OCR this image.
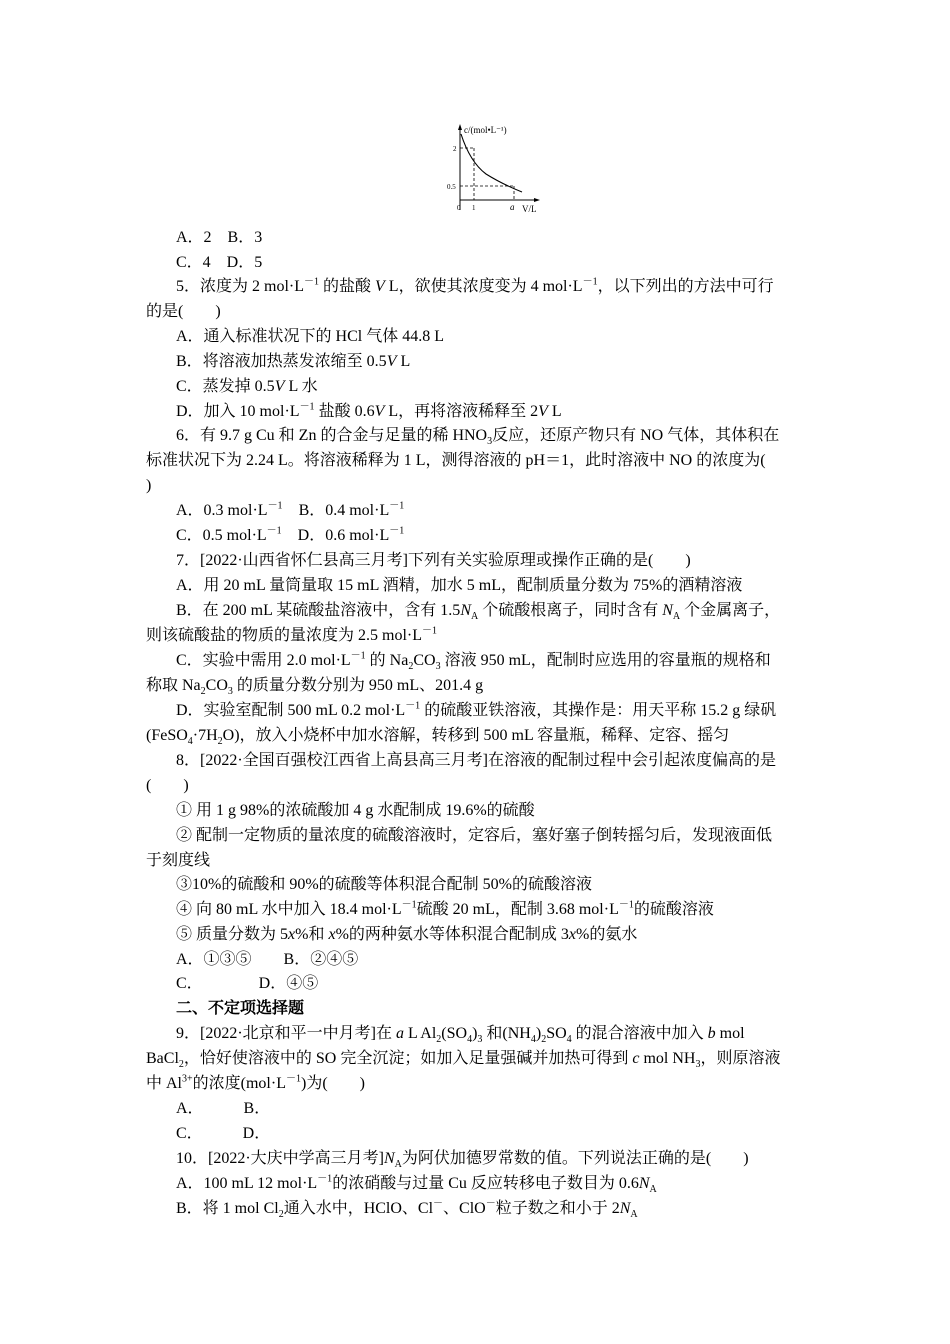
c/(mol•L⁻¹)
2
0.5
0 1	a V/L
A．2　B．3
C．4　D．5
5．浓度为 2 $mol\cdot L^{-1}$ 的盐酸 V L，欲使其浓度变为 4 $mol\cdot L^{-1}$，以下列出的方法中可行
的是(　　)
A．通入标准状况下的 HCl 气体 44.8 L
B．将溶液加热蒸发浓缩至 0.5V L
C．蒸发掉 0.5V L 水
D．加入 10 $mol\cdot L^{-1}$ 盐酸 0.6V L，再将溶液稀释至 2V L
6．有 9.7 g Cu 和 Zn 的合金与足量的稀 $HNO_3$反应，还原产物只有 NO 气体，其体积在
标准状况下为 2.24 L。将溶液稀释为 1 L，测得溶液的 pH＝1，此时溶液中 NO 的浓度为(
)
A．0.3 $mol\cdot L^{-1}$　B．0.4 $mol\cdot L^{-1}$
C．0.5 $mol\cdot L^{-1}$　D．0.6 $mol\cdot L^{-1}$
7．[2022·山西省怀仁县高三月考]下列有关实验原理或操作正确的是(　　)
A．用 20 mL 量筒量取 15 mL 酒精，加水 5 mL，配制质量分数为 75%的酒精溶液
B．在 200 mL 某硫酸盐溶液中，含有 $1.5N_A$ 个硫酸根离子，同时含有 $N_A$ 个金属离子，
则该硫酸盐的物质的量浓度为 2.5 $mol\cdot L^{-1}$
C．实验中需用 2.0 $mol\cdot L^{-1}$ 的 $Na_2CO_3$ 溶液 950 mL，配制时应选用的容量瓶的规格和
称取 $Na_2CO_3$ 的质量分数分别为 950 mL、201.4 g
D．实验室配制 500 mL 0.2 $mol\cdot L^{-1}$ 的硫酸亚铁溶液，其操作是：用天平称 15.2 g 绿矾
$(FeSO_4\cdot 7H_2O)$，放入小烧杯中加水溶解，转移到 500 mL 容量瓶，稀释、定容、摇匀
8．[2022·全国百强校江西省上高县高三月考]在溶液的配制过程中会引起浓度偏高的是
(　　)
① 用 1 g 98%的浓硫酸加 4 g 水配制成 19.6%的硫酸
② 配制一定物质的量浓度的硫酸溶液时，定容后，塞好塞子倒转摇匀后，发现液面低
于刻度线
③10%的硫酸和 90%的硫酸等体积混合配制 50%的硫酸溶液
④ 向 80 mL 水中加入 18.4 $mol\cdot L^{-1}$硫酸 20 mL，配制 3.68 $mol\cdot L^{-1}$的硫酸溶液
⑤ 质量分数为 5x%和 x%的两种氨水等体积混合配制成 3x%的氨水
A．①③⑤　　B．②④⑤
C．　　　　D．④⑤
二、不定项选择题
9．[2022·北京和平一中月考]在 a L $Al_2(SO_4)_3$ 和$(NH_4)_2SO_4$ 的混合溶液中加入 b mol
BaCl$_2$，恰好使溶液中的 SO 完全沉淀；如加入足量强碱并加热可得到 c mol $NH_3$，则原溶液
中 $Al^{3+}$的浓度$(mol\cdot L^{-1})$为(　　)
A．　　　B．
C．　　　D．
10．[2022·大庆中学高三月考]$N_A$为阿伏加德罗常数的值。下列说法正确的是(　　)
A．100 mL 12 $mol\cdot L^{-1}$的浓硝酸与过量 Cu 反应转移电子数目为 $0.6N_A$
B．将 1 mol $Cl_2$通入水中，HClO、Cl－、ClO－粒子数之和小于 $2N_A$
